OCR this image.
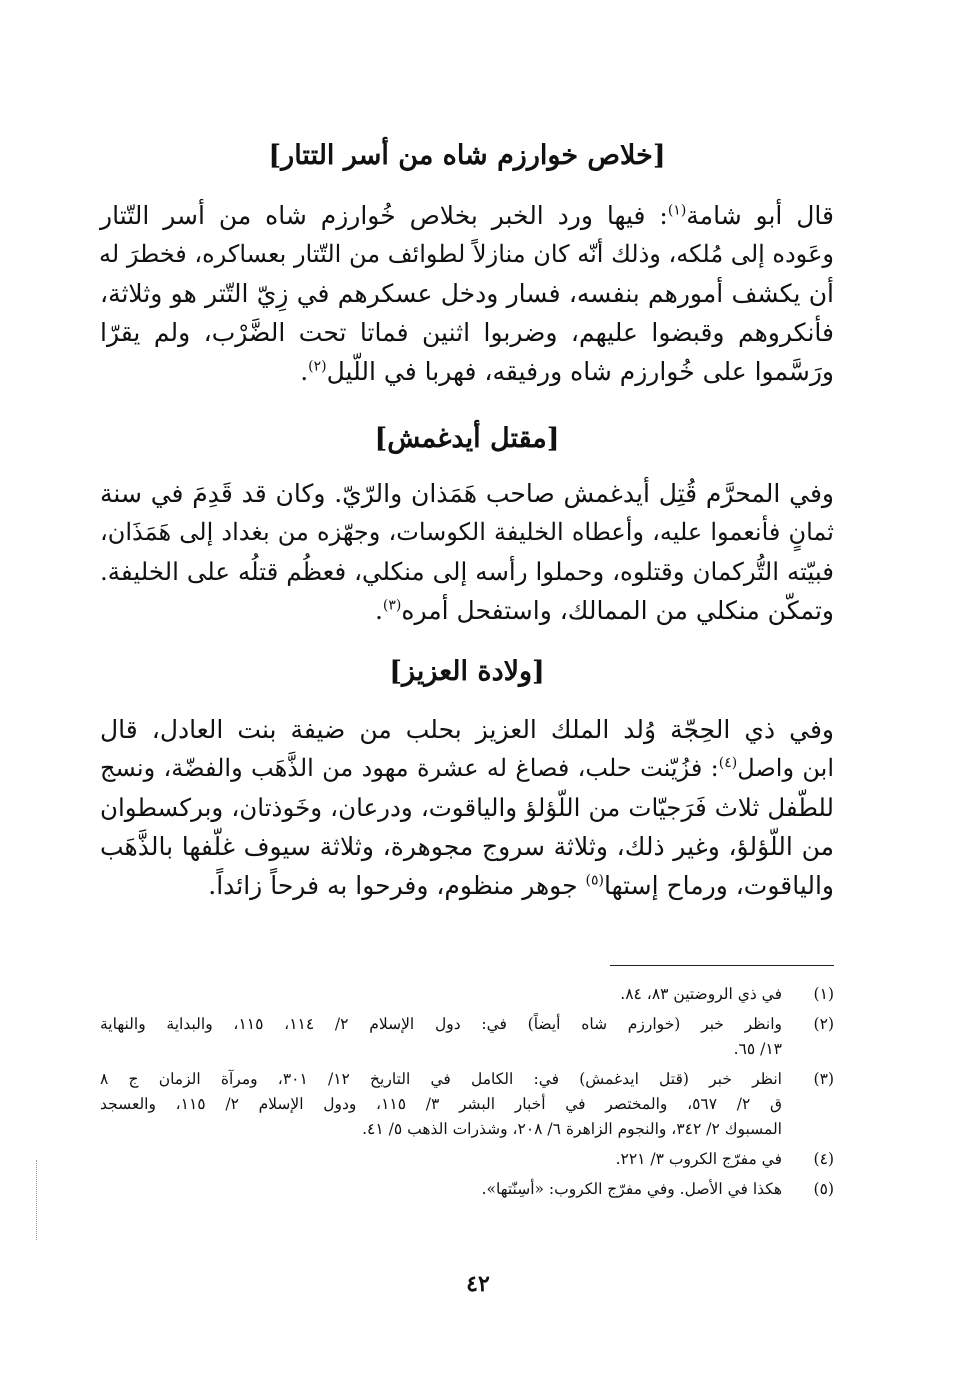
[خلاص خوارزم شاه من أسر التتار]
قال أبو شامة$^{(١)}$: فيها ورد الخبر بخلاص خُوارزم شاه من أسر التّتار
وعَوده إلى مُلكه، وذلك أنّه كان منازلاً لطوائف من التّتار بعساكره، فخطرَ له
أن يكشف أمورهم بنفسه، فسار ودخل عسكرهم في زِيّ التّتر هو وثلاثة،
فأنكروهم وقبضوا عليهم، وضربوا اثنين فماتا تحت الضَّرْب، ولم يقرّا
ورَسَّموا على خُوارزم شاه ورفيقه، فهربا في اللّيل$^{(٢)}$.
[مقتل أيدغمش]
وفي المحرَّم قُتِل أيدغمش صاحب هَمَذان والرّيّ. وكان قد قَدِمَ في سنة
ثمانٍ فأنعموا عليه، وأعطاه الخليفة الكوسات، وجهّزه من بغداد إلى هَمَذَان،
فبيّته التُّركمان وقتلوه، وحملوا رأسه إلى منكلي، فعظُم قتلُه على الخليفة.
وتمكّن منكلي من الممالك، واستفحل أمره$^{(٣)}$.
[ولادة العزيز]
وفي ذي الحِجّة وُلد الملك العزيز بحلب من ضيفة بنت العادل، قال
ابن واصل$^{(٤)}$: فزُيّنت حلب، فصاغ له عشرة مهود من الذَّهَب والفضّة، ونسج
للطّفل ثلاث فَرَجيّات من اللّؤلؤ والياقوت، ودرعان، وخَوذتان، وبركسطوان
من اللّؤلؤ، وغير ذلك، وثلاثة سروج مجوهرة، وثلاثة سيوف غلّفها بالذَّهَب
والياقوت، ورماح إستها$^{(٥)}$ جوهر منظوم، وفرحوا به فرحاً زائداً.
(١)
في ذي الروضتين ٨٣، ٨٤.
(٢)
وانظر خبر (خوارزم شاه أيضاً) في: دول الإسلام ٢/ ١١٤، ١١٥، والبداية والنهاية
١٣/ ٦٥.
(٣)
انظر خبر (قتل ايدغمش) في: الكامل في التاريخ ١٢/ ٣٠١، ومرآة الزمان ج ٨
ق ٢/ ٥٦٧، والمختصر في أخبار البشر ٣/ ١١٥، ودول الإسلام ٢/ ١١٥، والعسجد
المسبوك ٢/ ٣٤٢، والنجوم الزاهرة ٦/ ٢٠٨، وشذرات الذهب ٥/ ٤١.
(٤)
في مفرّج الكروب ٣/ ٢٢١.
(٥)
هكذا في الأصل. وفي مفرّج الكروب: «أسِنّتها».
٤٢
